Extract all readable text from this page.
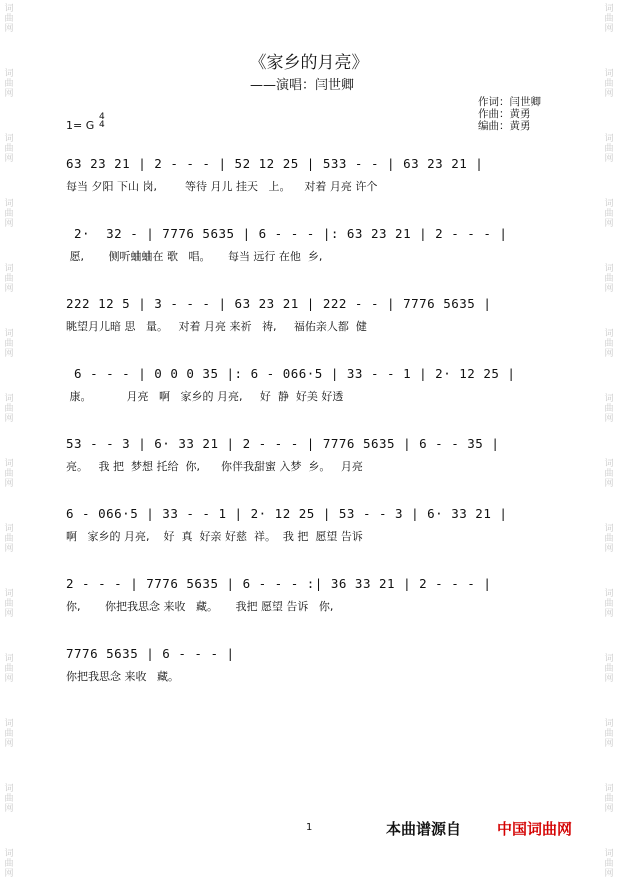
词曲网
词曲网
词曲网
词曲网
词曲网
词曲网
词曲网
词曲网
词曲网
词曲网
词曲网
词曲网
词曲网
词曲网
词曲网
词曲网
词曲网
词曲网
词曲网
词曲网
词曲网
词曲网
词曲网
词曲网
词曲网
词曲网
词曲网
词曲网
《家乡的月亮》
——演唱：闫世卿
作词：闫世卿
作曲：黄勇
编曲：黄勇
1= G
4
4
63 23 21 | 2 - - - | 52 12 25 | 533 - - | 63 23 21 |
每当 夕阳 下山 岗,        等待 月儿 挂天   上。    对着 月亮 许个
2·  32 - | 7776 5635 | 6 - - - |: 63 23 21 | 2 - - - |
愿,       侧听蛐蛐在 歌   唱。     每当 远行 在他  乡,
222 12 5 | 3 - - - | 63 23 21 | 222 - - | 7776 5635 |
眺望月儿暗 思   量。   对着 月亮 来祈   祷,     福佑亲人都  健
6 - - - | 0 0 0 35 |: 6 - 066·5 | 33 - - 1 | 2· 12 25 |
康。          月亮   啊   家乡的 月亮,     好  静  好美 好透
53 - - 3 | 6· 33 21 | 2 - - - | 7776 5635 | 6 - - 35 |
亮。   我 把  梦想 托给  你,      你伴我甜蜜 入梦  乡。   月亮
6 - 066·5 | 33 - - 1 | 2· 12 25 | 53 - - 3 | 6· 33 21 |
啊   家乡的 月亮,    好  真  好亲 好慈  祥。  我 把  愿望 告诉
2 - - - | 7776 5635 | 6 - - - :| 36 33 21 | 2 - - - |
你,       你把我思念 来收   藏。     我把 愿望 告诉   你,
7776 5635 | 6 - - - |
你把我思念 来收   藏。
1	本曲谱源自 中国词曲网
